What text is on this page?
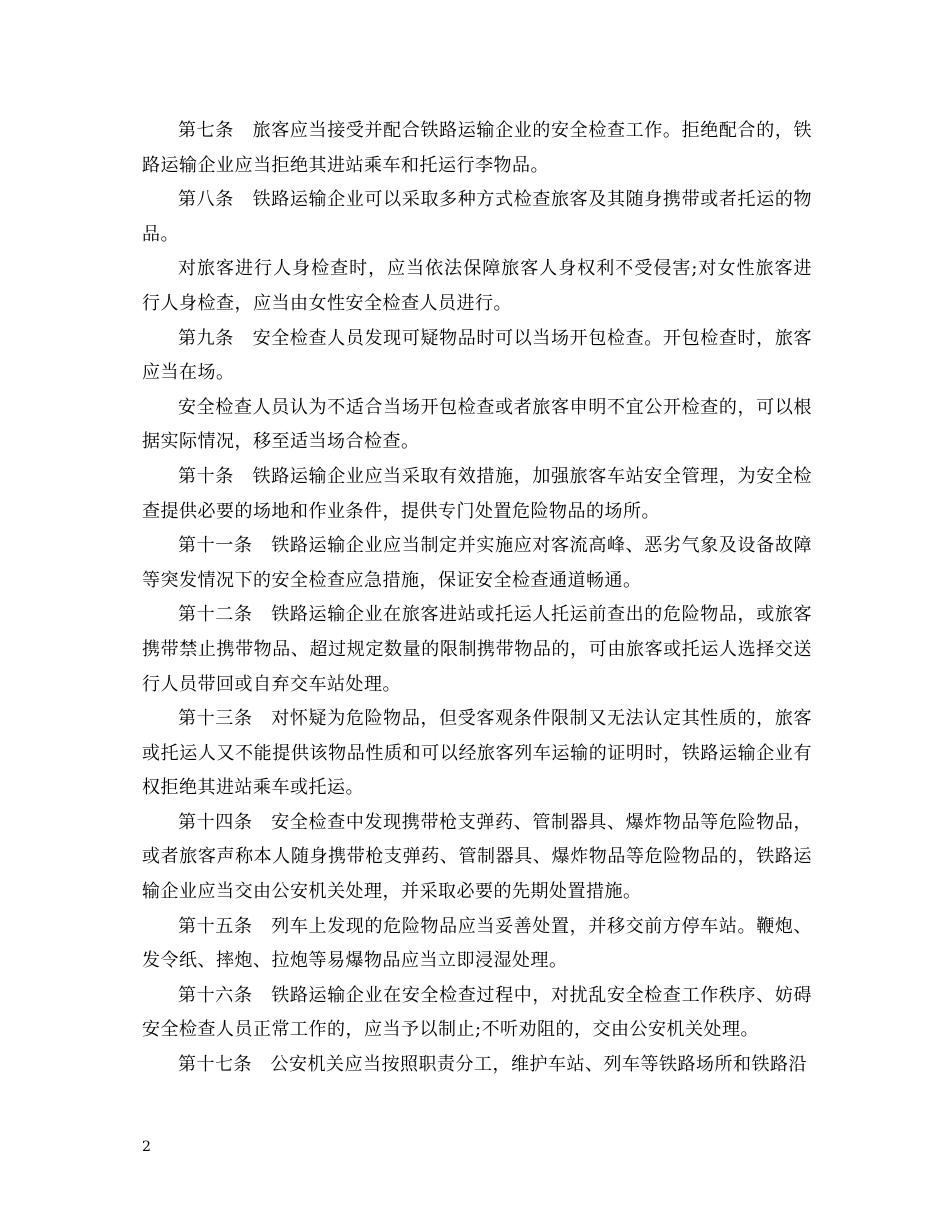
第七条　旅客应当接受并配合铁路运输企业的安全检查工作。拒绝配合的，铁路运输企业应当拒绝其进站乘车和托运行李物品。

第八条　铁路运输企业可以采取多种方式检查旅客及其随身携带或者托运的物品。

对旅客进行人身检查时，应当依法保障旅客人身权利不受侵害;对女性旅客进行人身检查，应当由女性安全检查人员进行。

第九条　安全检查人员发现可疑物品时可以当场开包检查。开包检查时，旅客应当在场。

安全检查人员认为不适合当场开包检查或者旅客申明不宜公开检查的，可以根据实际情况，移至适当场合检查。

第十条　铁路运输企业应当采取有效措施，加强旅客车站安全管理，为安全检查提供必要的场地和作业条件，提供专门处置危险物品的场所。

第十一条　铁路运输企业应当制定并实施应对客流高峰、恶劣气象及设备故障等突发情况下的安全检查应急措施，保证安全检查通道畅通。

第十二条　铁路运输企业在旅客进站或托运人托运前查出的危险物品，或旅客携带禁止携带物品、超过规定数量的限制携带物品的，可由旅客或托运人选择交送行人员带回或自弃交车站处理。

第十三条　对怀疑为危险物品，但受客观条件限制又无法认定其性质的，旅客或托运人又不能提供该物品性质和可以经旅客列车运输的证明时，铁路运输企业有权拒绝其进站乘车或托运。

第十四条　安全检查中发现携带枪支弹药、管制器具、爆炸物品等危险物品，或者旅客声称本人随身携带枪支弹药、管制器具、爆炸物品等危险物品的，铁路运输企业应当交由公安机关处理，并采取必要的先期处置措施。

第十五条　列车上发现的危险物品应当妥善处置，并移交前方停车站。鞭炮、发令纸、摔炮、拉炮等易爆物品应当立即浸湿处理。

第十六条　铁路运输企业在安全检查过程中，对扰乱安全检查工作秩序、妨碍安全检查人员正常工作的，应当予以制止;不听劝阻的，交由公安机关处理。

第十七条　公安机关应当按照职责分工，维护车站、列车等铁路场所和铁路沿

2
